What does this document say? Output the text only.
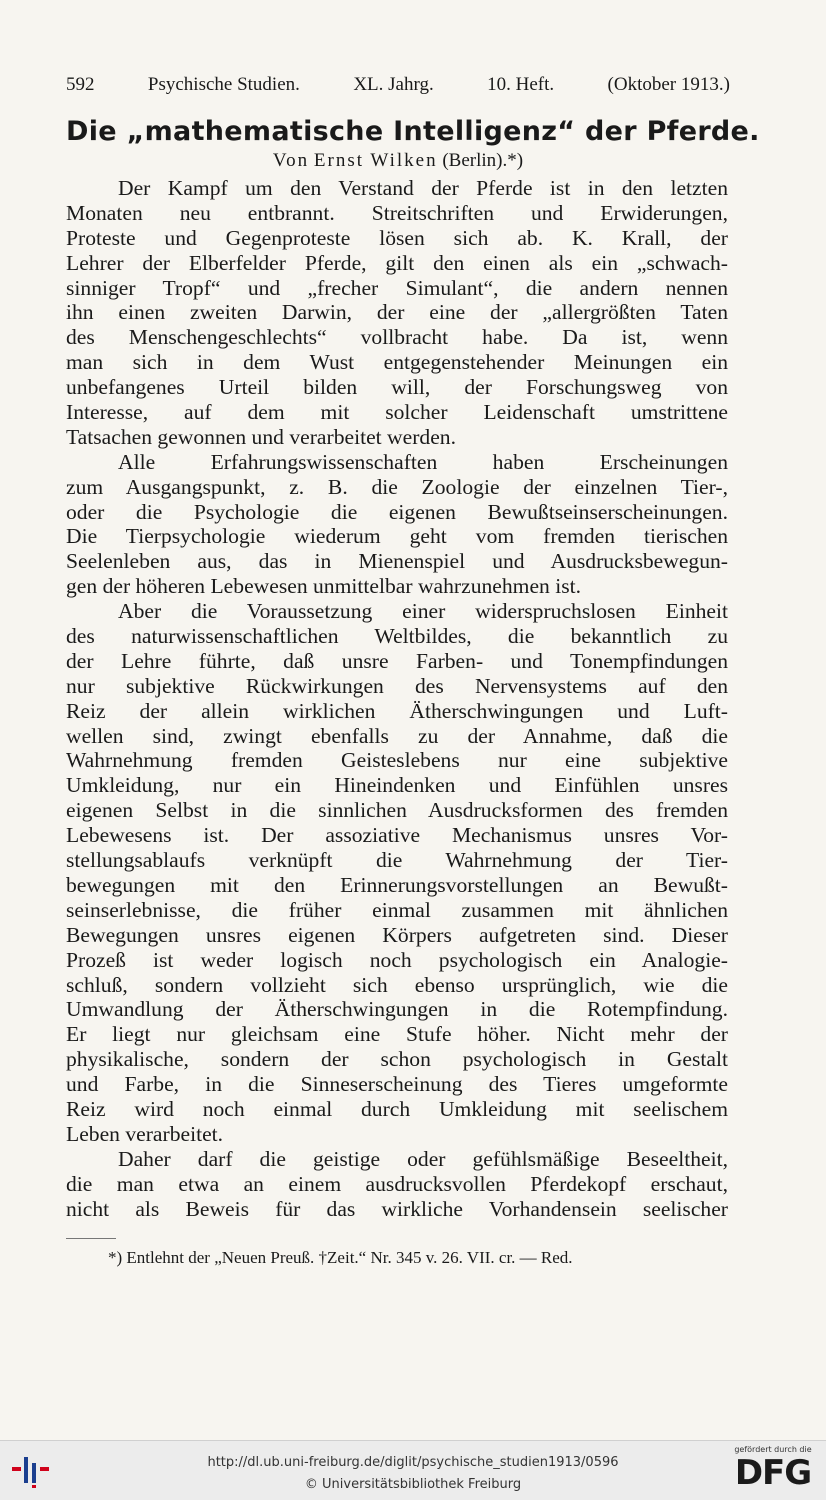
592	Psychische Studien.	XL. Jahrg.	10. Heft.	(Oktober 1913.)
Die „mathematische Intelligenz“ der Pferde.
Von Ernst Wilken (Berlin).*)
Der Kampf um den Verstand der Pferde ist in den letzten
Monaten neu entbrannt. Streitschriften und Erwiderungen,
Proteste und Gegenproteste lösen sich ab. K. Krall, der
Lehrer der Elberfelder Pferde, gilt den einen als ein „schwach-
sinniger Tropf“ und „frecher Simulant“, die andern nennen
ihn einen zweiten Darwin, der eine der „allergrößten Taten
des Menschengeschlechts“ vollbracht habe. Da ist, wenn
man sich in dem Wust entgegenstehender Meinungen ein
unbefangenes Urteil bilden will, der Forschungsweg von
Interesse, auf dem mit solcher Leidenschaft umstrittene
Tatsachen gewonnen und verarbeitet werden.
Alle Erfahrungswissenschaften haben Erscheinungen
zum Ausgangspunkt, z. B. die Zoologie der einzelnen Tier-,
oder die Psychologie die eigenen Bewußtseinserscheinungen.
Die Tierpsychologie wiederum geht vom fremden tierischen
Seelenleben aus, das in Mienenspiel und Ausdrucksbewegun-
gen der höheren Lebewesen unmittelbar wahrzunehmen ist.
Aber die Voraussetzung einer widerspruchslosen Einheit
des naturwissenschaftlichen Weltbildes, die bekanntlich zu
der Lehre führte, daß unsre Farben- und Tonempfindungen
nur subjektive Rückwirkungen des Nervensystems auf den
Reiz der allein wirklichen Ätherschwingungen und Luft-
wellen sind, zwingt ebenfalls zu der Annahme, daß die
Wahrnehmung fremden Geisteslebens nur eine subjektive
Umkleidung, nur ein Hineindenken und Einfühlen unsres
eigenen Selbst in die sinnlichen Ausdrucksformen des fremden
Lebewesens ist. Der assoziative Mechanismus unsres Vor-
stellungsablaufs verknüpft die Wahrnehmung der Tier-
bewegungen mit den Erinnerungsvorstellungen an Bewußt-
seinserlebnisse, die früher einmal zusammen mit ähnlichen
Bewegungen unsres eigenen Körpers aufgetreten sind. Dieser
Prozeß ist weder logisch noch psychologisch ein Analogie-
schluß, sondern vollzieht sich ebenso ursprünglich, wie die
Umwandlung der Ätherschwingungen in die Rotempfindung.
Er liegt nur gleichsam eine Stufe höher. Nicht mehr der
physikalische, sondern der schon psychologisch in Gestalt
und Farbe, in die Sinneserscheinung des Tieres umgeformte
Reiz wird noch einmal durch Umkleidung mit seelischem
Leben verarbeitet.
Daher darf die geistige oder gefühlsmäßige Beseeltheit,
die man etwa an einem ausdrucksvollen Pferdekopf erschaut,
nicht als Beweis für das wirkliche Vorhandensein seelischer
*) Entlehnt der „Neuen Preuß. †Zeit.“ Nr. 345 v. 26. VII. cr. — Red.
http://dl.ub.uni-freiburg.de/diglit/psychische_studien1913/0596
© Universitätsbibliothek Freiburg
gefördert durch die
DFG
